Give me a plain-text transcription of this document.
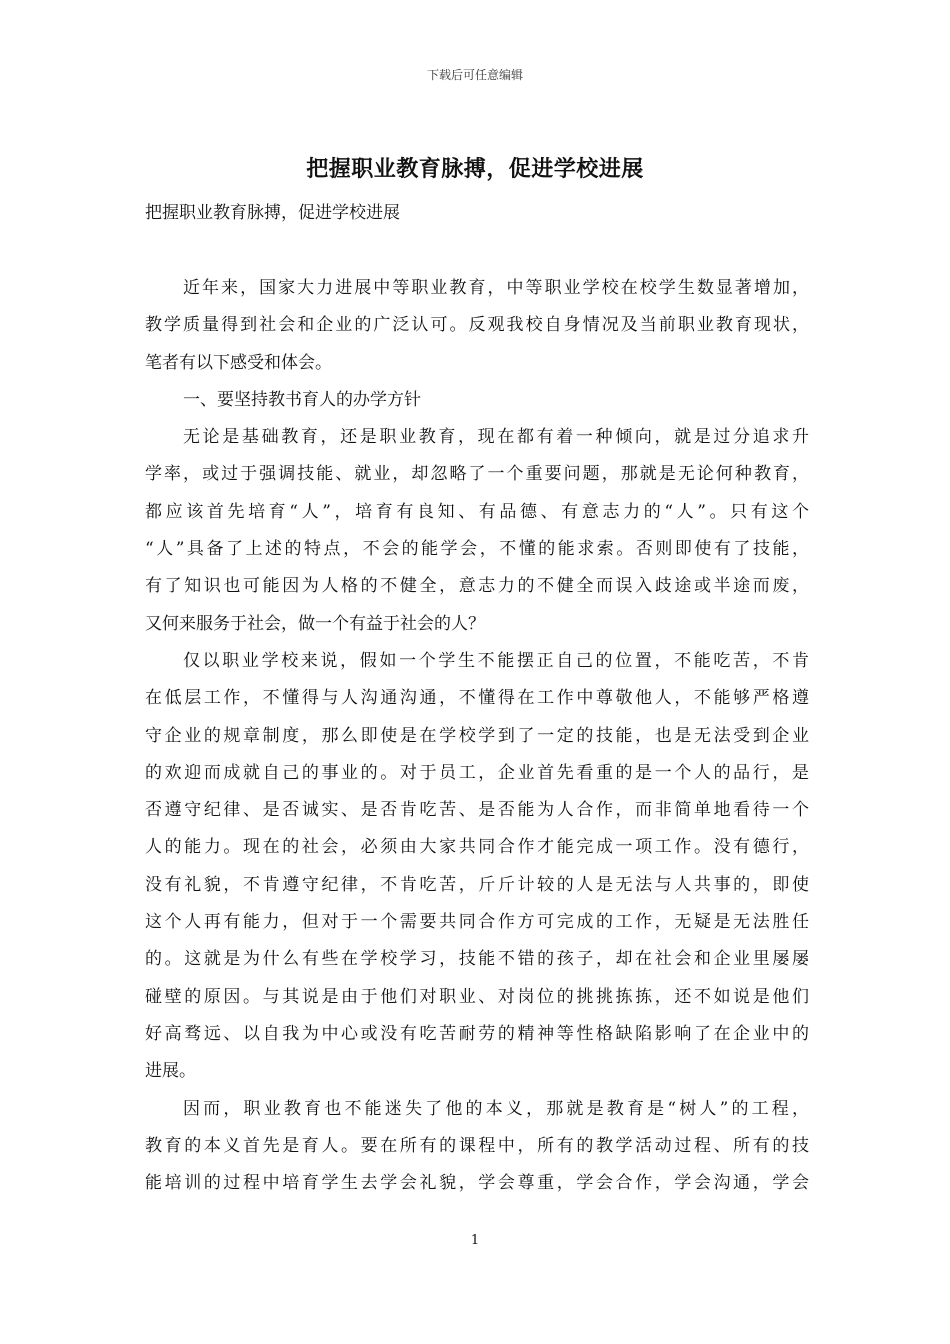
下载后可任意编辑
把握职业教育脉搏，促进学校进展
把握职业教育脉搏，促进学校进展
近年来，国家大力进展中等职业教育，中等职业学校在校学生数显著增加，
教学质量得到社会和企业的广泛认可。反观我校自身情况及当前职业教育现状，
笔者有以下感受和体会。
一、要坚持教书育人的办学方针
无论是基础教育，还是职业教育，现在都有着一种倾向，就是过分追求升
学率，或过于强调技能、就业，却忽略了一个重要问题，那就是无论何种教育，
都应该首先培育“人”，培育有良知、有品德、有意志力的“人”。只有这个
“人”具备了上述的特点，不会的能学会，不懂的能求索。否则即使有了技能，
有了知识也可能因为人格的不健全，意志力的不健全而误入歧途或半途而废，
又何来服务于社会，做一个有益于社会的人？
仅以职业学校来说，假如一个学生不能摆正自己的位置，不能吃苦，不肯
在低层工作，不懂得与人沟通沟通，不懂得在工作中尊敬他人，不能够严格遵
守企业的规章制度，那么即使是在学校学到了一定的技能，也是无法受到企业
的欢迎而成就自己的事业的。对于员工，企业首先看重的是一个人的品行，是
否遵守纪律、是否诚实、是否肯吃苦、是否能为人合作，而非简单地看待一个
人的能力。现在的社会，必须由大家共同合作才能完成一项工作。没有德行，
没有礼貌，不肯遵守纪律，不肯吃苦，斤斤计较的人是无法与人共事的，即使
这个人再有能力，但对于一个需要共同合作方可完成的工作，无疑是无法胜任
的。这就是为什么有些在学校学习，技能不错的孩子，却在社会和企业里屡屡
碰壁的原因。与其说是由于他们对职业、对岗位的挑挑拣拣，还不如说是他们
好高骛远、以自我为中心或没有吃苦耐劳的精神等性格缺陷影响了在企业中的
进展。
因而，职业教育也不能迷失了他的本义，那就是教育是“树人”的工程，
教育的本义首先是育人。要在所有的课程中，所有的教学活动过程、所有的技
能培训的过程中培育学生去学会礼貌，学会尊重，学会合作，学会沟通，学会
1
